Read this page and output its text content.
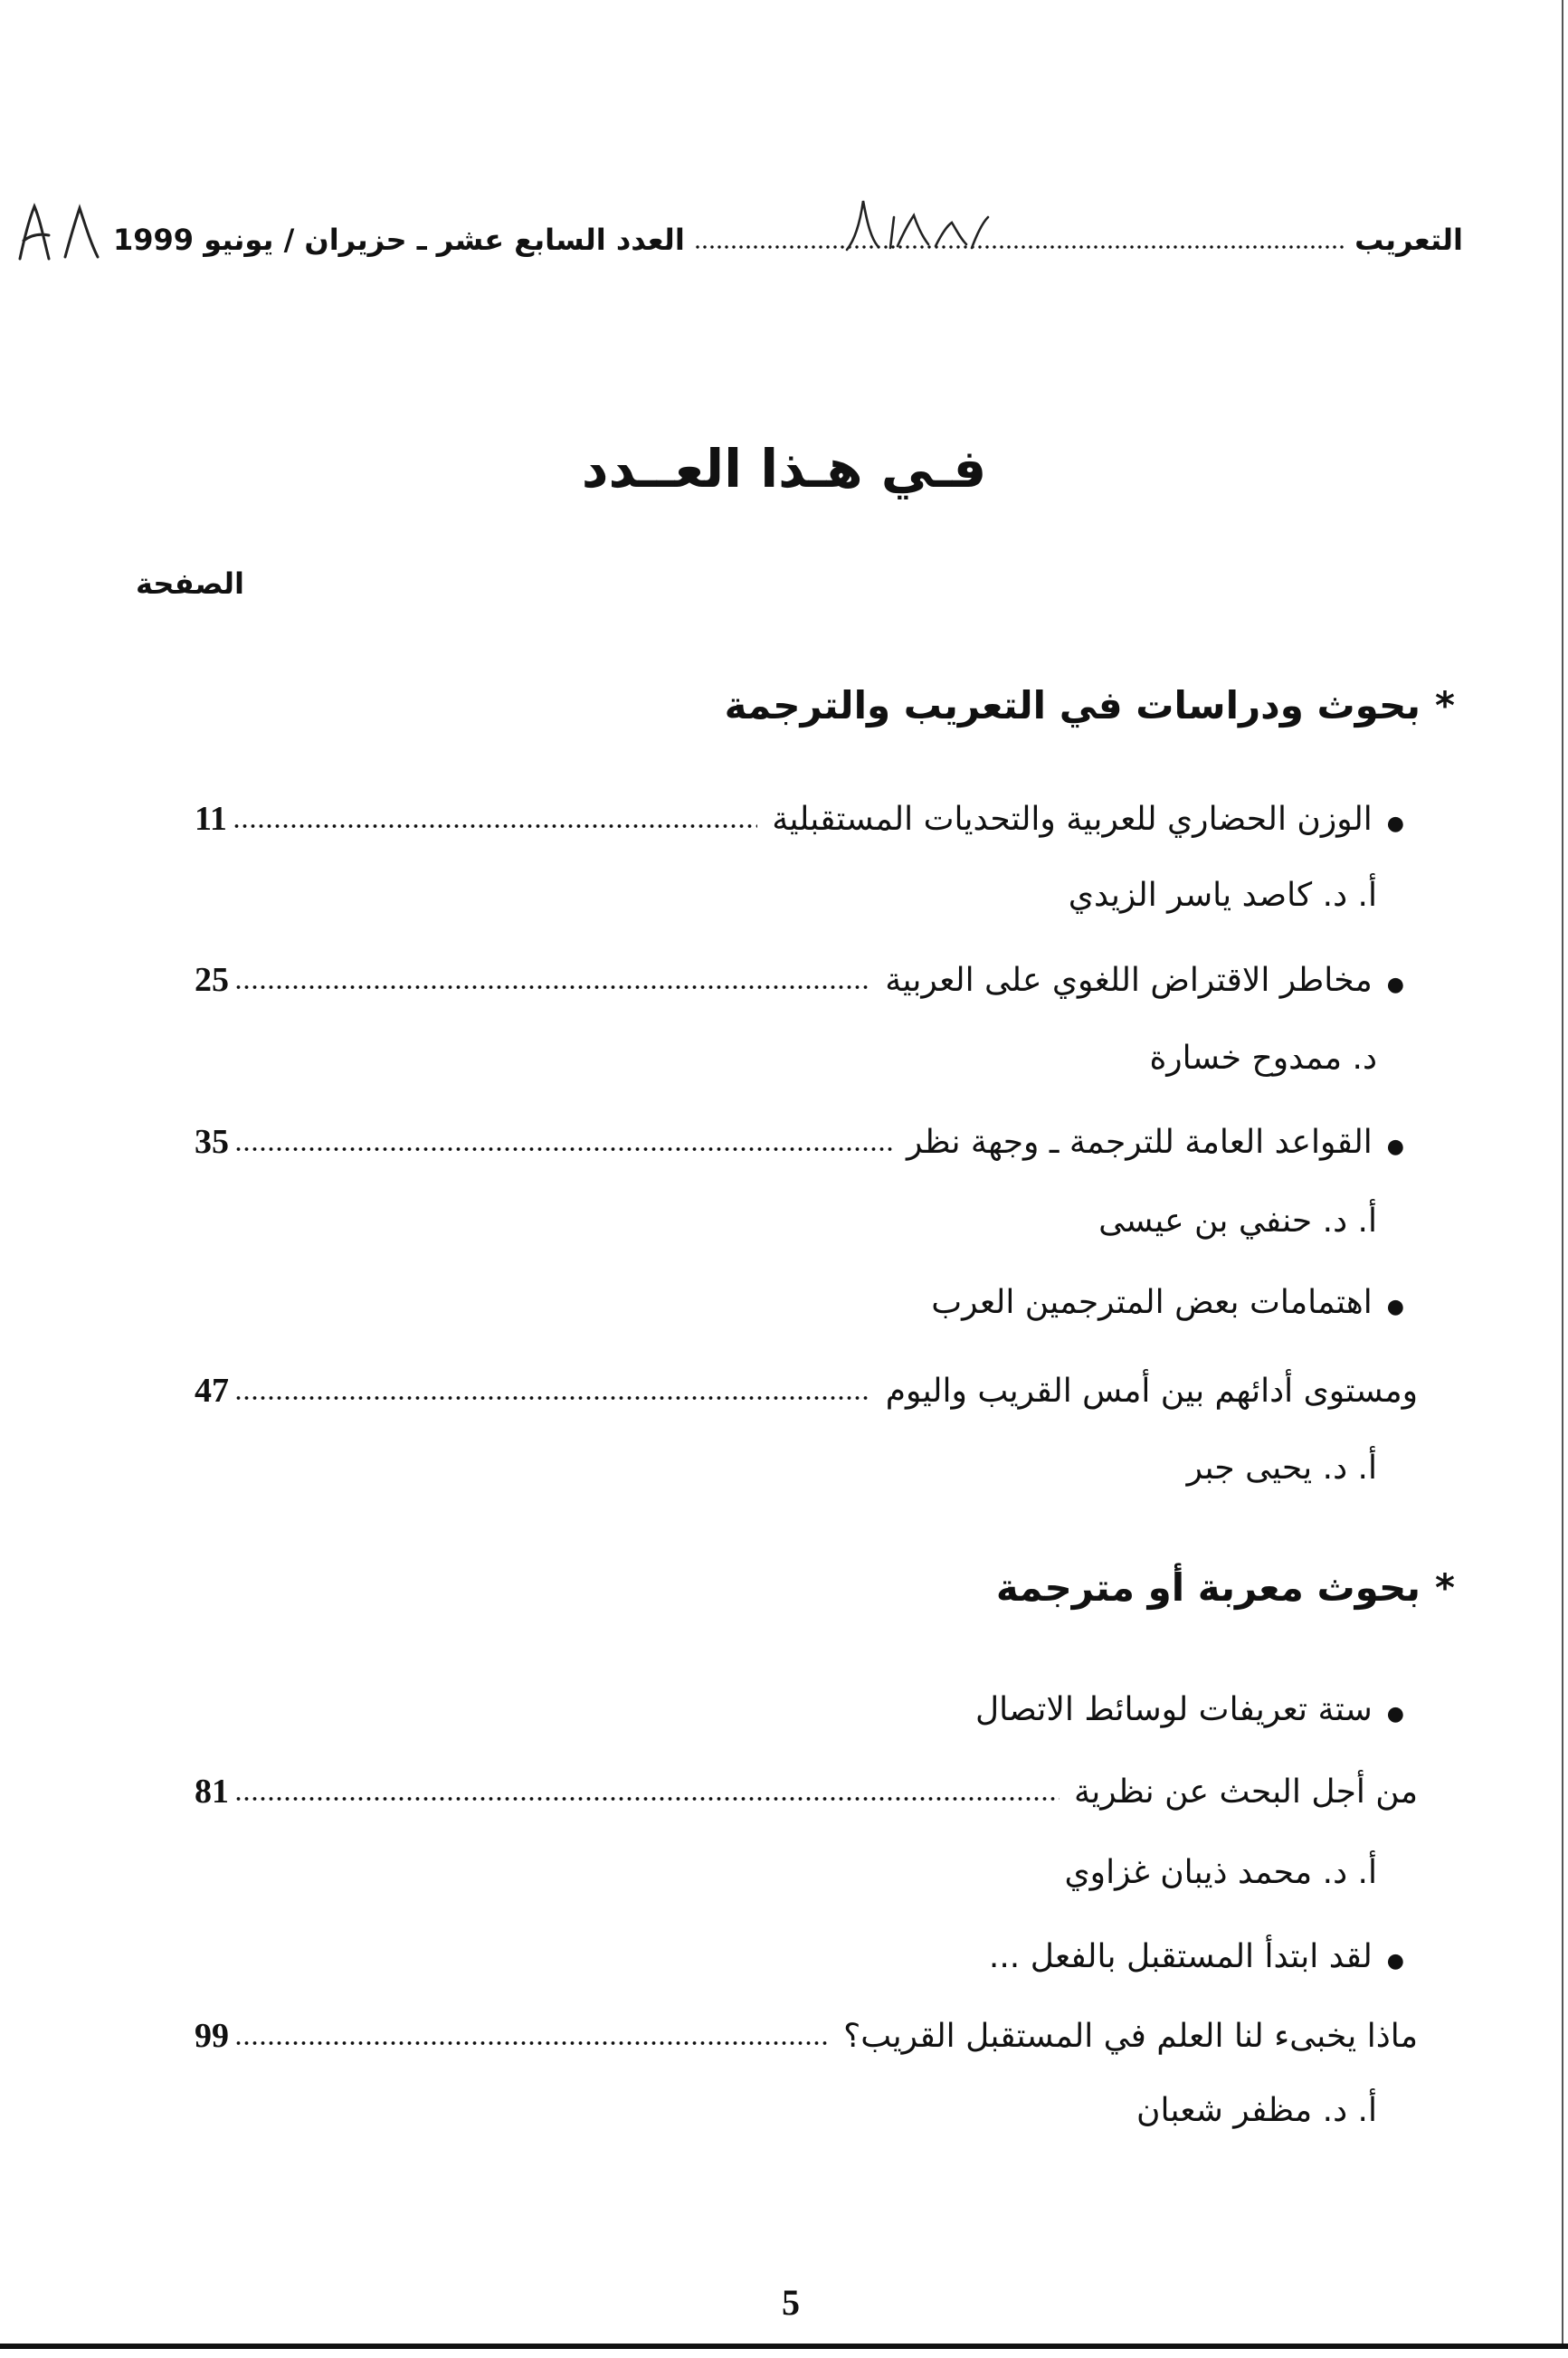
التعريب
العدد السابع عشر ـ حزيران / يونيو 1999
فـي هـذا العــدد
الصفحة
*
بحوث ودراسات في التعريب والترجمة
●
الوزن الحضاري للعربية والتحديات المستقبلية
11
أ. د. كاصد ياسر الزيدي
●
مخاطر الاقتراض اللغوي على العربية
25
د. ممدوح خسارة
●
القواعد العامة للترجمة ـ وجهة نظر
35
أ. د. حنفي بن عيسى
●
اهتمامات بعض المترجمين العرب
ومستوى أدائهم بين أمس القريب واليوم
47
أ. د. يحيى جبر
*
بحوث معربة أو مترجمة
●
ستة تعريفات لوسائط الاتصال
من أجل البحث عن نظرية
81
أ. د. محمد ذيبان غزاوي
●
لقد ابتدأ المستقبل بالفعل ...
ماذا يخبىء لنا العلم في المستقبل القريب؟
99
أ. د. مظفر شعبان
5
